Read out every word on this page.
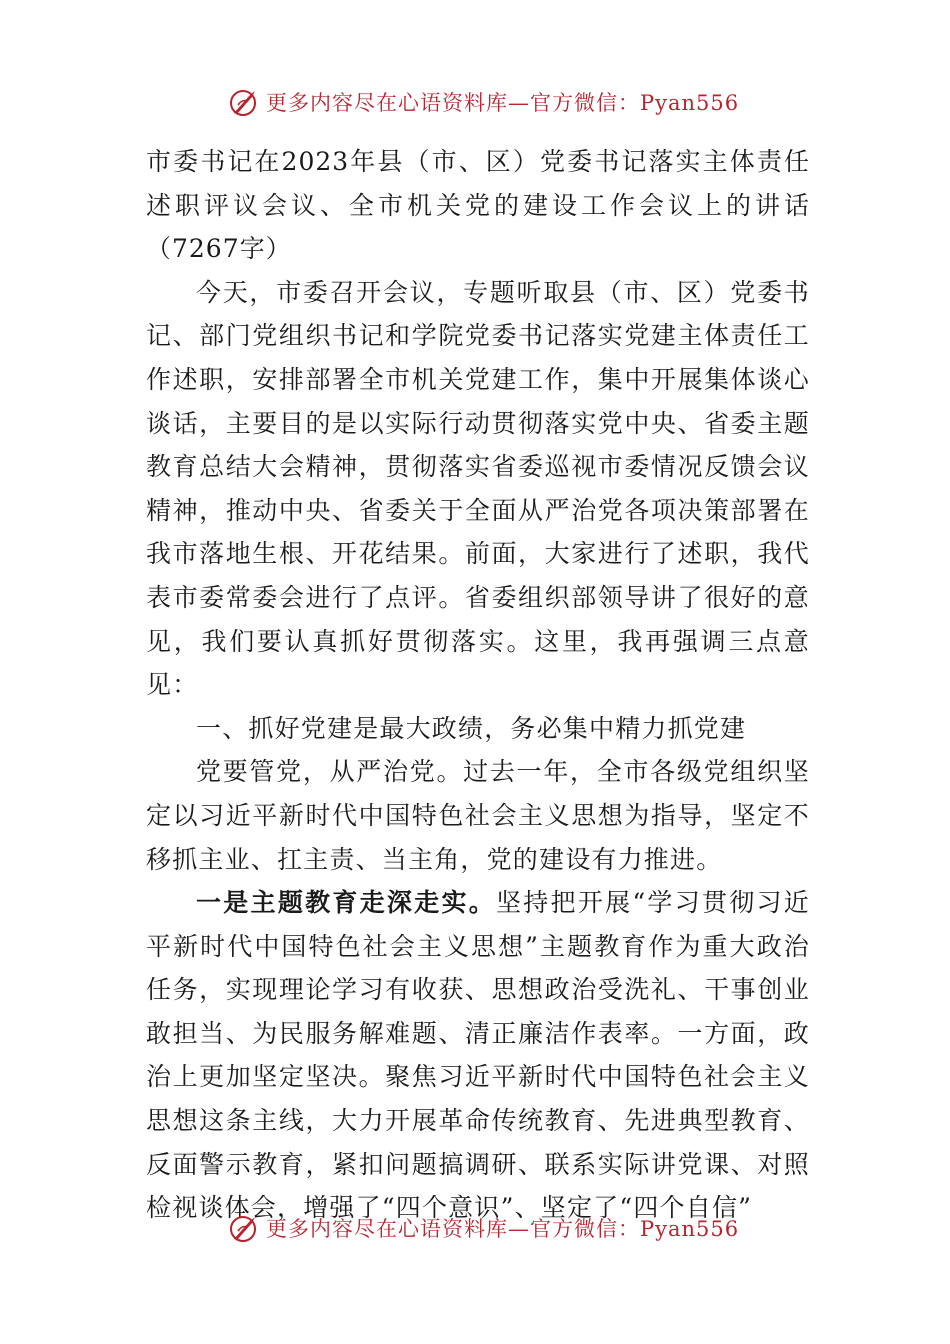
更多内容尽在心语资料库—官方微信：Pyan556

市委书记在2023年县（市、区）党委书记落实主体责任述职评议会议、全市机关党的建设工作会议上的讲话（7267字）

今天，市委召开会议，专题听取县（市、区）党委书记、部门党组织书记和学院党委书记落实党建主体责任工作述职，安排部署全市机关党建工作，集中开展集体谈心谈话，主要目的是以实际行动贯彻落实党中央、省委主题教育总结大会精神，贯彻落实省委巡视市委情况反馈会议精神，推动中央、省委关于全面从严治党各项决策部署在我市落地生根、开花结果。前面，大家进行了述职，我代表市委常委会进行了点评。省委组织部领导讲了很好的意见，我们要认真抓好贯彻落实。这里，我再强调三点意见：

一、抓好党建是最大政绩，务必集中精力抓党建

党要管党，从严治党。过去一年，全市各级党组织坚定以习近平新时代中国特色社会主义思想为指导，坚定不移抓主业、扛主责、当主角，党的建设有力推进。

一是主题教育走深走实。坚持把开展“学习贯彻习近平新时代中国特色社会主义思想”主题教育作为重大政治任务，实现理论学习有收获、思想政治受洗礼、干事创业敢担当、为民服务解难题、清正廉洁作表率。一方面，政治上更加坚定坚决。聚焦习近平新时代中国特色社会主义思想这条主线，大力开展革命传统教育、先进典型教育、反面警示教育，紧扣问题搞调研、联系实际讲党课、对照检视谈体会，增强了“四个意识”、坚定了“四个自信”

更多内容尽在心语资料库—官方微信：Pyan556
